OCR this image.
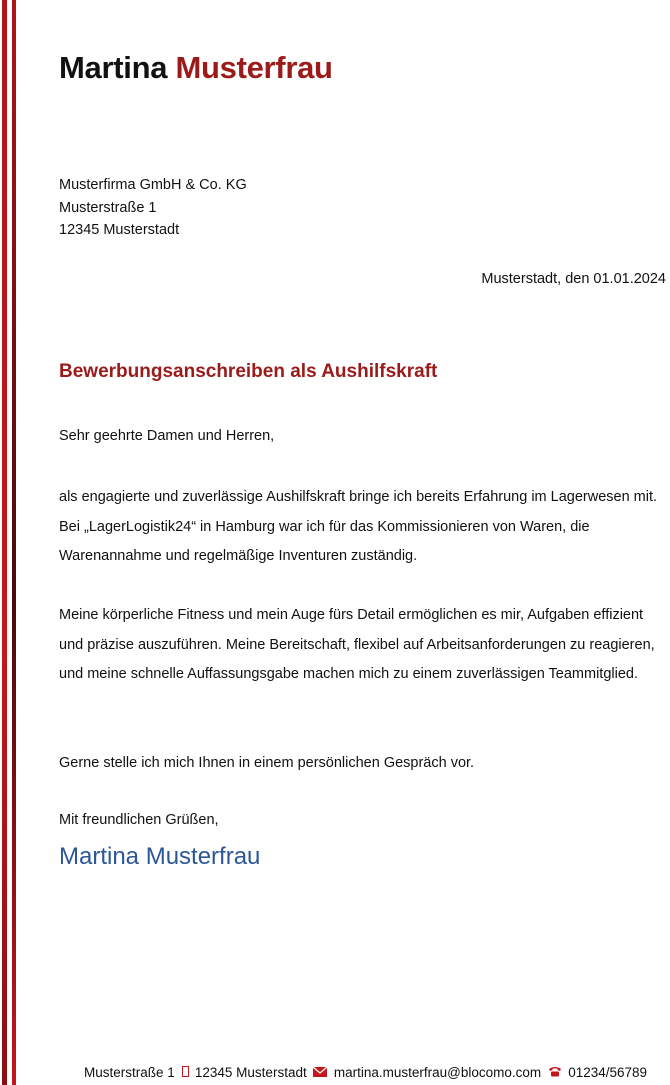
Martina Musterfrau
Musterfirma GmbH & Co. KG
Musterstraße 1
12345 Musterstadt
Musterstadt, den 01.01.2024
Bewerbungsanschreiben als Aushilfskraft
Sehr geehrte Damen und Herren,

als engagierte und zuverlässige Aushilfskraft bringe ich bereits Erfahrung im Lagerwesen mit. Bei „LagerLogistik24“ in Hamburg war ich für das Kommissionieren von Waren, die Warenannahme und regelmäßige Inventuren zuständig.

Meine körperliche Fitness und mein Auge fürs Detail ermöglichen es mir, Aufgaben effizient und präzise auszuführen. Meine Bereitschaft, flexibel auf Arbeitsanforderungen zu reagieren, und meine schnelle Auffassungsgabe machen mich zu einem zuverlässigen Teammitglied.

Gerne stelle ich mich Ihnen in einem persönlichen Gespräch vor.

Mit freundlichen Grüßen,
Martina Musterfrau
Musterstraße 1 12345 Musterstadt martina.musterfrau@blocomo.com 01234/56789
